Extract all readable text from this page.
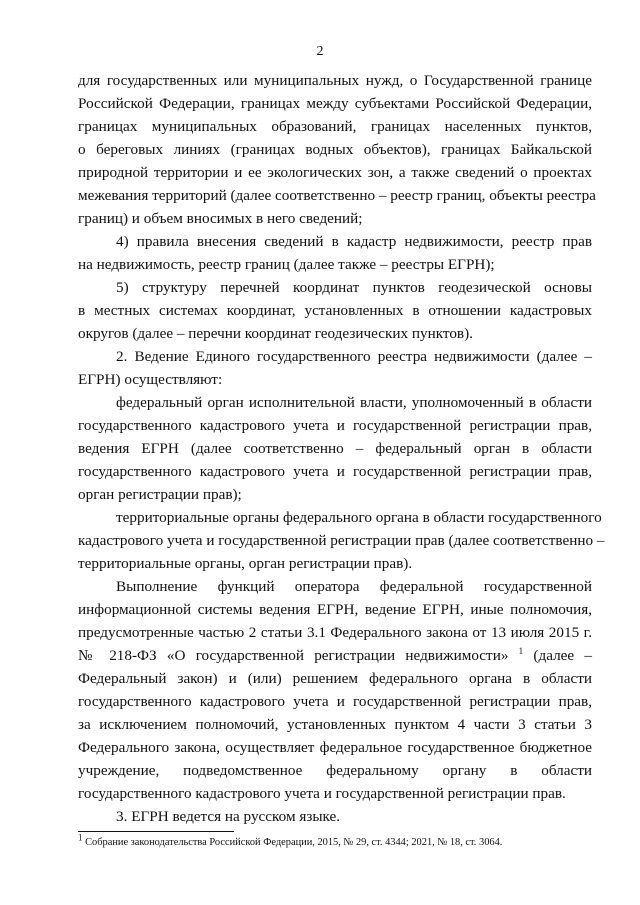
2
для государственных или муниципальных нужд, о Государственной границе
Российской Федерации, границах между субъектами Российской Федерации,
границах муниципальных образований, границах населенных пунктов,
о береговых линиях (границах водных объектов), границах Байкальской
природной территории и ее экологических зон, а также сведений о проектах
межевания территорий (далее соответственно – реестр границ, объекты реестра
границ) и объем вносимых в него сведений;
4) правила внесения сведений в кадастр недвижимости, реестр прав
на недвижимость, реестр границ (далее также – реестры ЕГРН);
5) структуру перечней координат пунктов геодезической основы
в местных системах координат, установленных в отношении кадастровых
округов (далее – перечни координат геодезических пунктов).
2. Ведение Единого государственного реестра недвижимости (далее –
ЕГРН) осуществляют:
федеральный орган исполнительной власти, уполномоченный в области
государственного кадастрового учета и государственной регистрации прав,
ведения ЕГРН (далее соответственно – федеральный орган в области
государственного кадастрового учета и государственной регистрации прав,
орган регистрации прав);
территориальные органы федерального органа в области государственного
кадастрового учета и государственной регистрации прав (далее соответственно –
территориальные органы, орган регистрации прав).
Выполнение функций оператора федеральной государственной
информационной системы ведения ЕГРН, ведение ЕГРН, иные полномочия,
предусмотренные частью 2 статьи 3.1 Федерального закона от 13 июля 2015 г.
№ 218-ФЗ «О государственной регистрации недвижимости» $^1$ (далее –
Федеральный закон) и (или) решением федерального органа в области
государственного кадастрового учета и государственной регистрации прав,
за исключением полномочий, установленных пунктом 4 части 3 статьи 3
Федерального закона, осуществляет федеральное государственное бюджетное
учреждение, подведомственное федеральному органу в области
государственного кадастрового учета и государственной регистрации прав.
3. ЕГРН ведется на русском языке.
1 Собрание законодательства Российской Федерации, 2015, № 29, ст. 4344; 2021, № 18, ст. 3064.
